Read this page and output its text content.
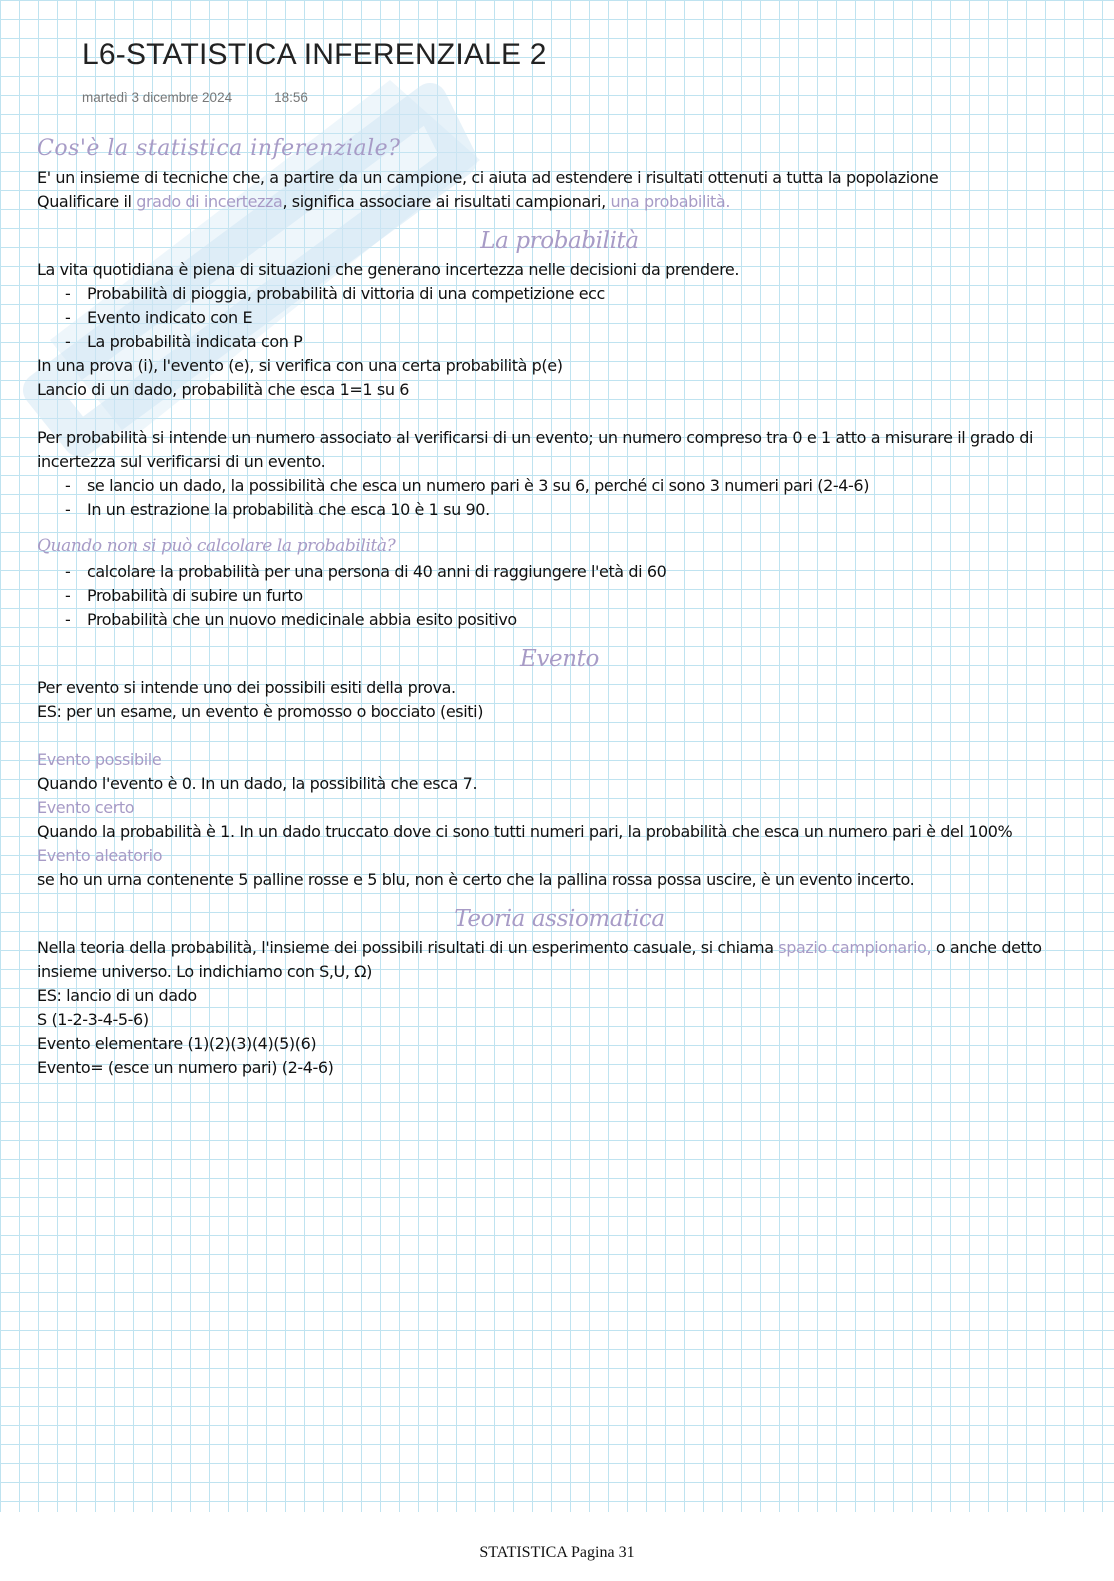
L6-STATISTICA INFERENZIALE 2
martedì 3 dicembre 2024	18:56
Cos'è la statistica inferenziale?

E' un insieme di tecniche che, a partire da un campione, ci aiuta ad estendere i risultati ottenuti a tutta la popolazione

Qualificare il grado di incertezza, significa associare ai risultati campionari, una probabilità.

La probabilità

La vita quotidiana è piena di situazioni che generano incertezza nelle decisioni da prendere.

- Probabilità di pioggia, probabilità di vittoria di una competizione ecc
- Evento indicato con E
- La probabilità indicata con P

In una prova (i), l'evento (e), si verifica con una certa probabilità p(e)

Lancio di un dado, probabilità che esca 1=1 su 6

Per probabilità si intende un numero associato al verificarsi di un evento; un numero compreso tra 0 e 1 atto a misurare il grado di incertezza sul verificarsi di un evento.

- se lancio un dado, la possibilità che esca un numero pari è 3 su 6, perché ci sono 3 numeri pari (2-4-6)
- In un estrazione la probabilità che esca 10 è 1 su 90.
Quando non si può calcolare la probabilità?
- calcolare la probabilità per una persona di 40 anni di raggiungere l'età di 60
- Probabilità di subire un furto
- Probabilità che un nuovo medicinale abbia esito positivo
Evento

Per evento si intende uno dei possibili esiti della prova.

ES: per un esame, un evento è promosso o bocciato (esiti)

Evento possibile

Quando l'evento è 0. In un dado, la possibilità che esca 7.

Evento certo

Quando la probabilità è 1. In un dado truccato dove ci sono tutti numeri pari, la probabilità che esca un numero pari è del 100%

Evento aleatorio

se ho un urna contenente 5 palline rosse e 5 blu, non è certo che la pallina rossa possa uscire, è un evento incerto.

Teoria assiomatica

Nella teoria della probabilità, l'insieme dei possibili risultati di un esperimento casuale, si chiama spazio campionario, o anche detto insieme universo. Lo indichiamo con S,U, Ω)

ES: lancio di un dado

S (1-2-3-4-5-6)

Evento elementare (1)(2)(3)(4)(5)(6)

Evento= (esce un numero pari) (2-4-6)

STATISTICA Pagina 31
